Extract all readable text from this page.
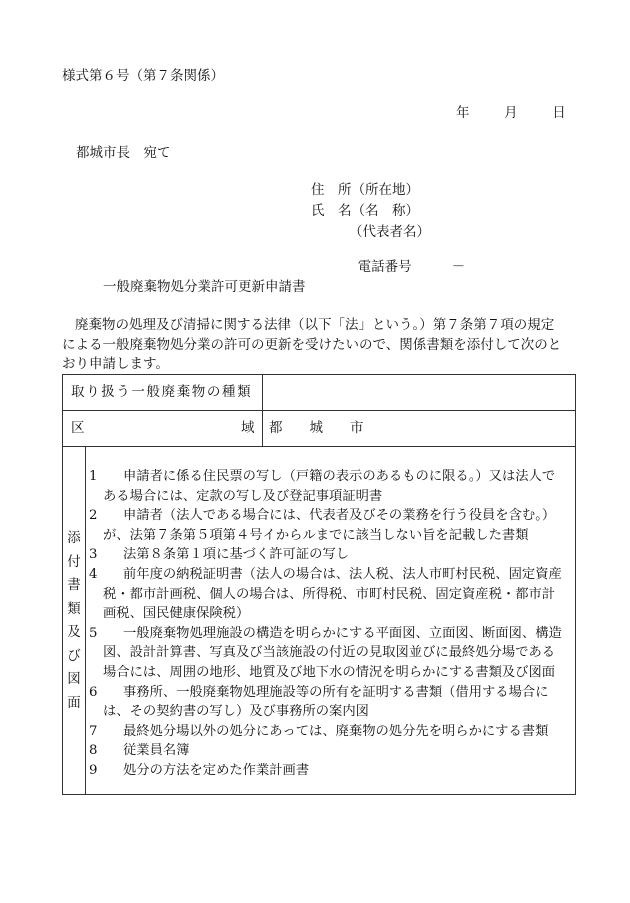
様式第６号（第７条関係）
年	月	日
都城市長　宛て
住　所（所在地）
氏　名（名　称）
（代表者名）

電話番号	－

一般廃棄物処分業許可更新申請書

廃棄物の処理及び清掃に関する法律（以下「法」という。）第７条第７項の規定

による一般廃棄物処分業の許可の更新を受けたいので、関係書類を添付して次のと

おり申請します。

取り扱う一般廃棄物の種類
区	域 都　　城　　市
添
付
書
類
及
び
図
面
1	申請者に係る住民票の写し（戸籍の表示のあるものに限る。）又は法人で
ある場合には、定款の写し及び登記事項証明書
2	申請者（法人である場合には、代表者及びその業務を行う役員を含む。）
が、法第７条第５項第４号イからルまでに該当しない旨を記載した書類
3	法第８条第１項に基づく許可証の写し
4	前年度の納税証明書（法人の場合は、法人税、法人市町村民税、固定資産
税・都市計画税、個人の場合は、所得税、市町村民税、固定資産税・都市計
画税、国民健康保険税）
5	一般廃棄物処理施設の構造を明らかにする平面図、立面図、断面図、構造
図、設計計算書、写真及び当該施設の付近の見取図並びに最終処分場である
場合には、周囲の地形、地質及び地下水の情況を明らかにする書類及び図面
6	事務所、一般廃棄物処理施設等の所有を証明する書類（借用する場合に
は、その契約書の写し）及び事務所の案内図
7	最終処分場以外の処分にあっては、廃棄物の処分先を明らかにする書類
8	従業員名簿
9	処分の方法を定めた作業計画書
